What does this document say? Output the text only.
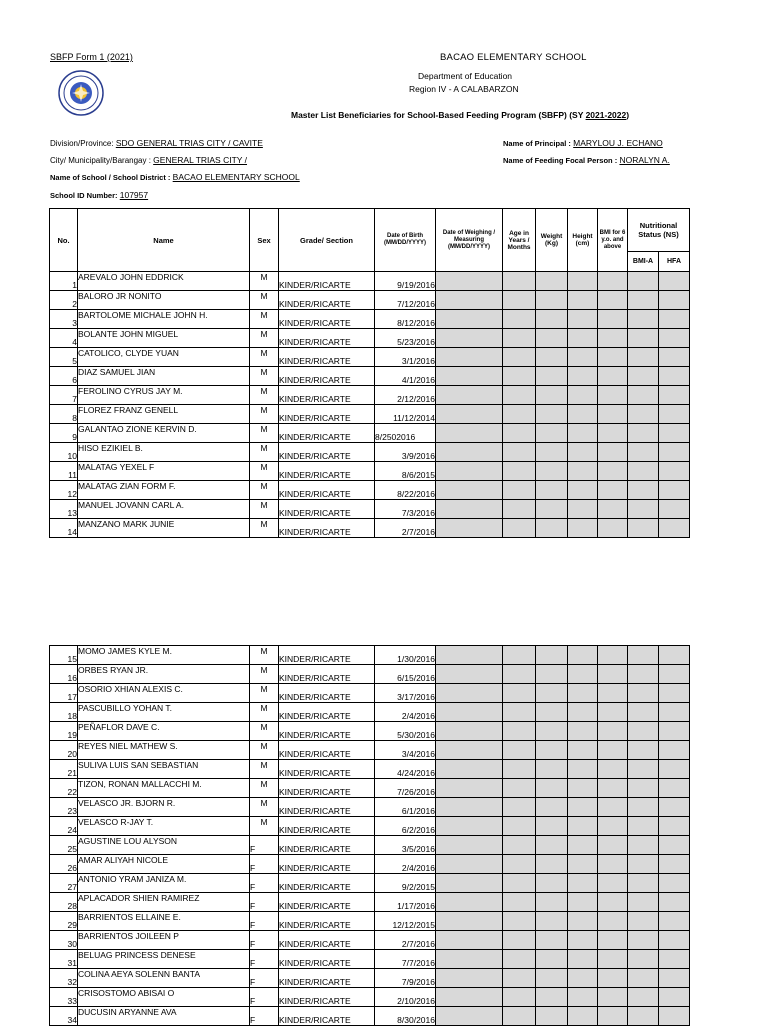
SBFP Form 1 (2021)	BACAO ELEMENTARY SCHOOL
Department of Education
Region IV - A CALABARZON
Master List Beneficiaries for School-Based Feeding Program (SBFP) (SY 2021-2022)
Division/Province: SDO GENERAL TRIAS CITY / CAVITE
City/ Municipality/Barangay : GENERAL TRIAS CITY /
Name of School / School District : BACAO ELEMENTARY SCHOOL
School ID Number: 107957
Name of Principal : MARYLOU J. ECHANO
Name of Feeding Focal Person : NORALYN A.
No.	Name	Sex	Grade/ Section	Date of Birth (MM/DD/YYYY)	Date of Weighing / Measuring (MM/DD/YYYY)	Age in Years / Months	Weight (Kg)	Height (cm)	BMI for 6 y.o. and above	Nutritional Status (NS)	
										BMI-A	HFA
1	AREVALO JOHN EDDRICK	M	KINDER/RICARTE	9/19/2016							
2	BALORO JR NONITO	M	KINDER/RICARTE	7/12/2016							
3	BARTOLOME MICHALE JOHN H.	M	KINDER/RICARTE	8/12/2016							
4	BOLANTE JOHN MIGUEL	M	KINDER/RICARTE	5/23/2016							
5	CATOLICO, CLYDE YUAN	M	KINDER/RICARTE	3/1/2016							
6	DIAZ SAMUEL JIAN	M	KINDER/RICARTE	4/1/2016							
7	FEROLINO CYRUS JAY M.	M	KINDER/RICARTE	2/12/2016							
8	FLOREZ FRANZ GENELL	M	KINDER/RICARTE	11/12/2014							
9	GALANTAO ZIONE KERVIN D.	M	KINDER/RICARTE	8/2502016							
10	HISO EZIKIEL B.	M	KINDER/RICARTE	3/9/2016							
11	MALATAG YEXEL F	M	KINDER/RICARTE	8/6/2015							
12	MALATAG ZIAN FORM F.	M	KINDER/RICARTE	8/22/2016							
13	MANUEL JOVANN CARL A.	M	KINDER/RICARTE	7/3/2016							
14	MANZANO MARK JUNIE	M	KINDER/RICARTE	2/7/2016							
15	MOMO JAMES KYLE M.	M	KINDER/RICARTE	1/30/2016							
16	ORBES RYAN JR.	M	KINDER/RICARTE	6/15/2016							
17	OSORIO XHIAN ALEXIS C.	M	KINDER/RICARTE	3/17/2016							
18	PASCUBILLO YOHAN T.	M	KINDER/RICARTE	2/4/2016							
19	PEÑAFLOR DAVE C.	M	KINDER/RICARTE	5/30/2016							
20	REYES NIEL MATHEW S.	M	KINDER/RICARTE	3/4/2016							
21	SULIVA LUIS SAN SEBASTIAN	M	KINDER/RICARTE	4/24/2016							
22	TIZON, RONAN MALLACCHI M.	M	KINDER/RICARTE	7/26/2016							
23	VELASCO JR. BJORN R.	M	KINDER/RICARTE	6/1/2016							
24	VELASCO R-JAY T.	M	KINDER/RICARTE	6/2/2016							
25	AGUSTINE LOU ALYSON	F	KINDER/RICARTE	3/5/2016							
26	AMAR ALIYAH NICOLE	F	KINDER/RICARTE	2/4/2016							
27	ANTONIO YRAM JANIZA M.	F	KINDER/RICARTE	9/2/2015							
28	APLACADOR SHIEN RAMIREZ	F	KINDER/RICARTE	1/17/2016							
29	BARRIENTOS ELLAINE E.	F	KINDER/RICARTE	12/12/2015							
30	BARRIENTOS JOILEEN P	F	KINDER/RICARTE	2/7/2016							
31	BELUAG PRINCESS DENESE	F	KINDER/RICARTE	7/7/2016							
32	COLINA AEYA SOLENN BANTA	F	KINDER/RICARTE	7/9/2016							
33	CRISOSTOMO ABISAI O	F	KINDER/RICARTE	2/10/2016							
34	DUCUSIN ARYANNE AVA	F	KINDER/RICARTE	8/30/2016							
